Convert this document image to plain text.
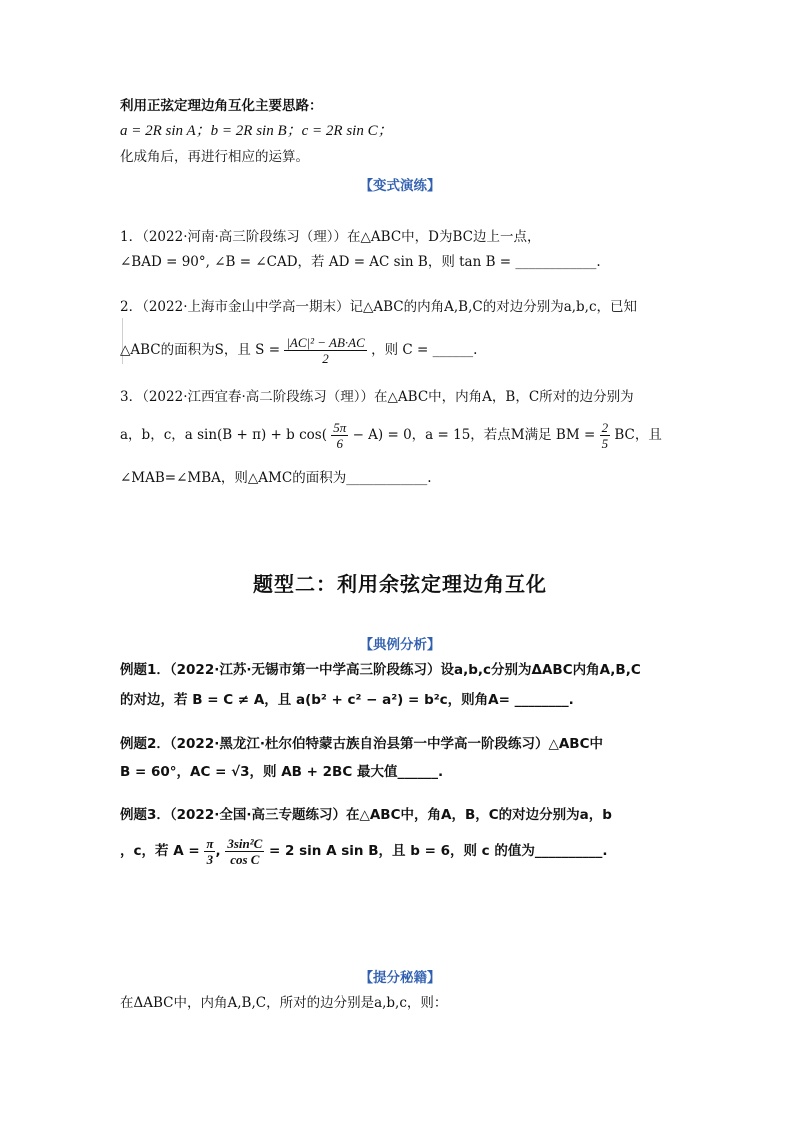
利用正弦定理边角互化主要思路：
a = 2R sin A；b = 2R sin B；c = 2R sin C；
化成角后，再进行相应的运算。
【变式演练】
1．（2022·河南·高三阶段练习（理））在△ABC中，D为BC边上一点，
∠BAD = 90°, ∠B = ∠CAD，若 AD = AC sin B，则 tan B = ____________.
2．（2022·上海市金山中学高一期末）记△ABC的内角A,B,C的对边分别为a,b,c，已知
△ABC的面积为S，且 $S = \frac{\text{|AC|² − AB·AC}}{2}$ ，则 C = ______.
3．（2022·江西宜春·高二阶段练习（理））在△ABC中，内角A，B，C所对的边分别为
a，b，c，a sin(B + π) + b $\cos( \frac{5\pi}{6} - A) = 0$，a = 15，若点M满足 BM = $\frac{2}{5}$ BC，且
∠MAB=∠MBA，则△AMC的面积为____________.
题型二：利用余弦定理边角互化
【典例分析】
例题1．（2022·江苏·无锡市第一中学高三阶段练习）设a,b,c分别为ΔABC内角A,B,C
的对边，若 B = C ≠ A，且 a(b² + c² − a²) = b²c，则角A= ________.
例题2．（2022·黑龙江·杜尔伯特蒙古族自治县第一中学高一阶段练习）△ABC中
B = 60°，AC = √3，则 AB + 2BC 最大值______.
例题3．（2022·全国·高三专题练习）在△ABC中，角A，B，C的对边分别为a，b
，c，若 $A = \frac{\pi}{3}$ , $\frac{\text{3sin²C}}{\text{cos C}} = 2$ sin A sin B，且 b = 6，则 c 的值为__________.
【提分秘籍】
在ΔABC中，内角A,B,C，所对的边分别是a,b,c，则：
